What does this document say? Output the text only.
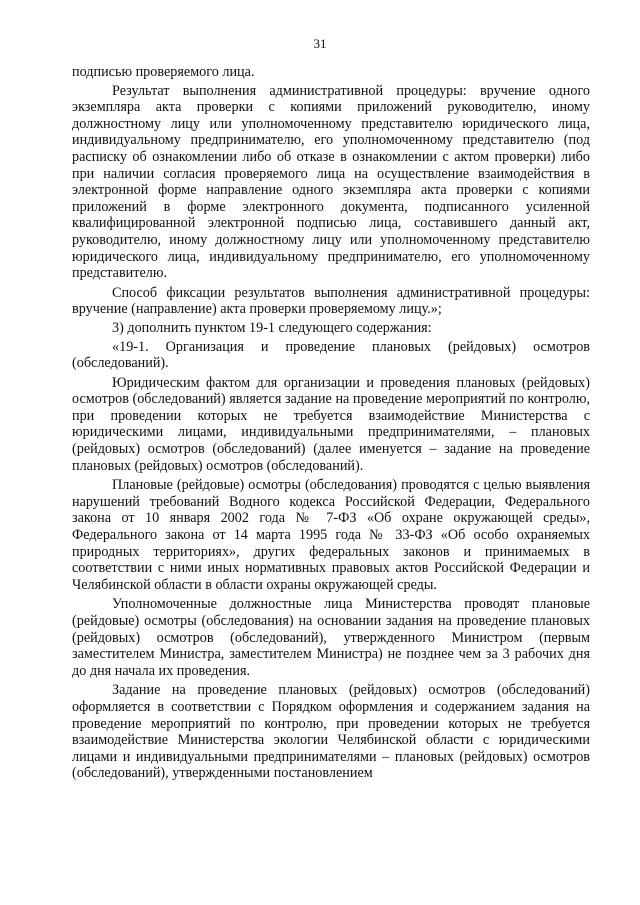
31

подписью проверяемого лица.

Результат выполнения административной процедуры: вручение одного экземпляра акта проверки с копиями приложений руководителю, иному должностному лицу или уполномоченному представителю юридического лица, индивидуальному предпринимателю, его уполномоченному представителю (под расписку об ознакомлении либо об отказе в ознакомлении с актом проверки) либо при наличии согласия проверяемого лица на осуществление взаимодействия в электронной форме направление одного экземпляра акта проверки с копиями приложений в форме электронного документа, подписанного усиленной квалифицированной электронной подписью лица, составившего данный акт, руководителю, иному должностному лицу или уполномоченному представителю юридического лица, индивидуальному предпринимателю, его уполномоченному представителю.

Способ фиксации результатов выполнения административной процедуры: вручение (направление) акта проверки проверяемому лицу.»;

3) дополнить пунктом 19-1 следующего содержания:

«19-1. Организация и проведение плановых (рейдовых) осмотров (обследований).

Юридическим фактом для организации и проведения плановых (рейдовых) осмотров (обследований) является задание на проведение мероприятий по контролю, при проведении которых не требуется взаимодействие Министерства с юридическими лицами, индивидуальными предпринимателями, – плановых (рейдовых) осмотров (обследований) (далее именуется – задание на проведение плановых (рейдовых) осмотров (обследований).

Плановые (рейдовые) осмотры (обследования) проводятся с целью выявления нарушений требований Водного кодекса Российской Федерации, Федерального закона от 10 января 2002 года № 7-ФЗ «Об охране окружающей среды», Федерального закона от 14 марта 1995 года № 33-ФЗ «Об особо охраняемых природных территориях», других федеральных законов и принимаемых в соответствии с ними иных нормативных правовых актов Российской Федерации и Челябинской области в области охраны окружающей среды.

Уполномоченные должностные лица Министерства проводят плановые (рейдовые) осмотры (обследования) на основании задания на проведение плановых (рейдовых) осмотров (обследований), утвержденного Министром (первым заместителем Министра, заместителем Министра) не позднее чем за 3 рабочих дня до дня начала их проведения.

Задание на проведение плановых (рейдовых) осмотров (обследований) оформляется в соответствии с Порядком оформления и содержанием задания на проведение мероприятий по контролю, при проведении которых не требуется взаимодействие Министерства экологии Челябинской области с юридическими лицами и индивидуальными предпринимателями – плановых (рейдовых) осмотров (обследований), утвержденными постановлением
